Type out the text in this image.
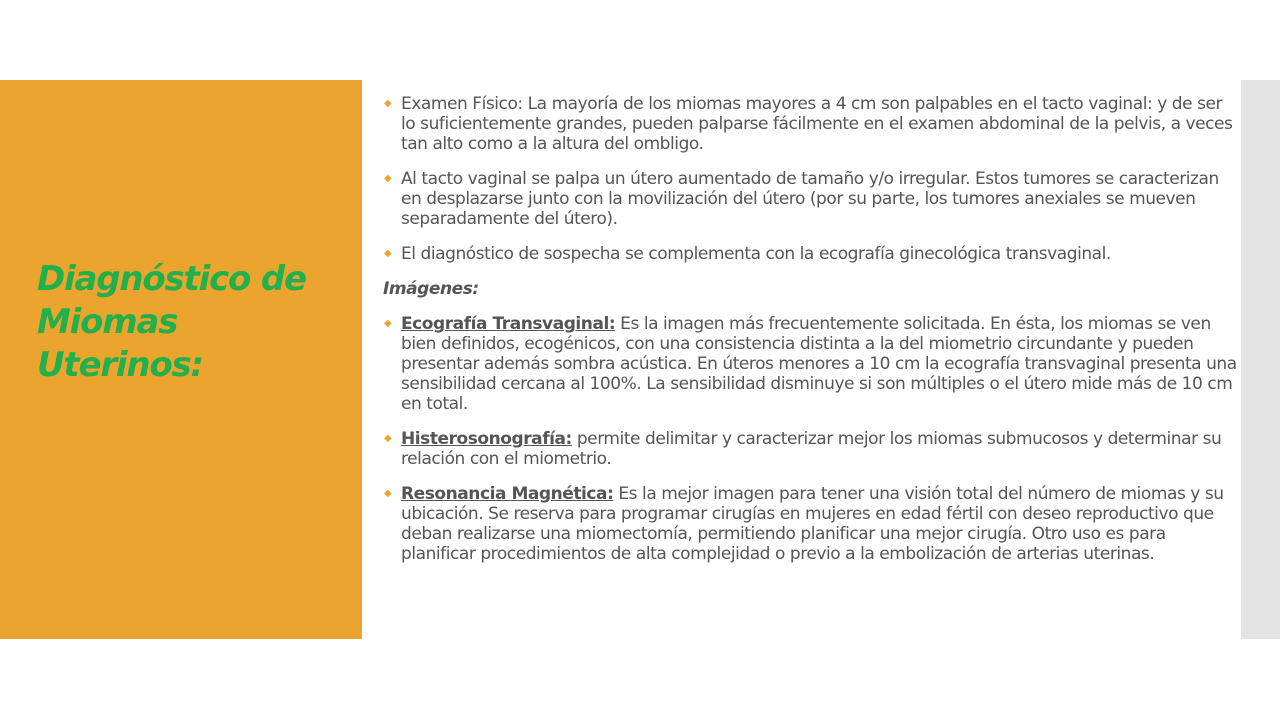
Diagnóstico de Miomas Uterinos:
◆ Examen Físico: La mayoría de los miomas mayores a 4 cm son palpables en el tacto vaginal: y de ser lo suficientemente grandes, pueden palparse fácilmente en el examen abdominal de la pelvis, a veces tan alto como a la altura del ombligo.
◆ Al tacto vaginal se palpa un útero aumentado de tamaño y/o irregular. Estos tumores se caracterizan en desplazarse junto con la movilización del útero (por su parte, los tumores anexiales se mueven separadamente del útero).
◆ El diagnóstico de sospecha se complementa con la ecografía ginecológica transvaginal.
Imágenes:
◆ Ecografía Transvaginal: Es la imagen más frecuentemente solicitada. En ésta, los miomas se ven bien definidos, ecogénicos, con una consistencia distinta a la del miometrio circundante y pueden presentar además sombra acústica. En úteros menores a 10 cm la ecografía transvaginal presenta una sensibilidad cercana al 100%. La sensibilidad disminuye si son múltiples o el útero mide más de 10 cm en total.
◆ Histerosonografía: permite delimitar y caracterizar mejor los miomas submucosos y determinar su relación con el miometrio.
◆ Resonancia Magnética: Es la mejor imagen para tener una visión total del número de miomas y su ubicación. Se reserva para programar cirugías en mujeres en edad fértil con deseo reproductivo que deban realizarse una miomectomía, permitiendo planificar una mejor cirugía. Otro uso es para planificar procedimientos de alta complejidad o previo a la embolización de arterias uterinas.
